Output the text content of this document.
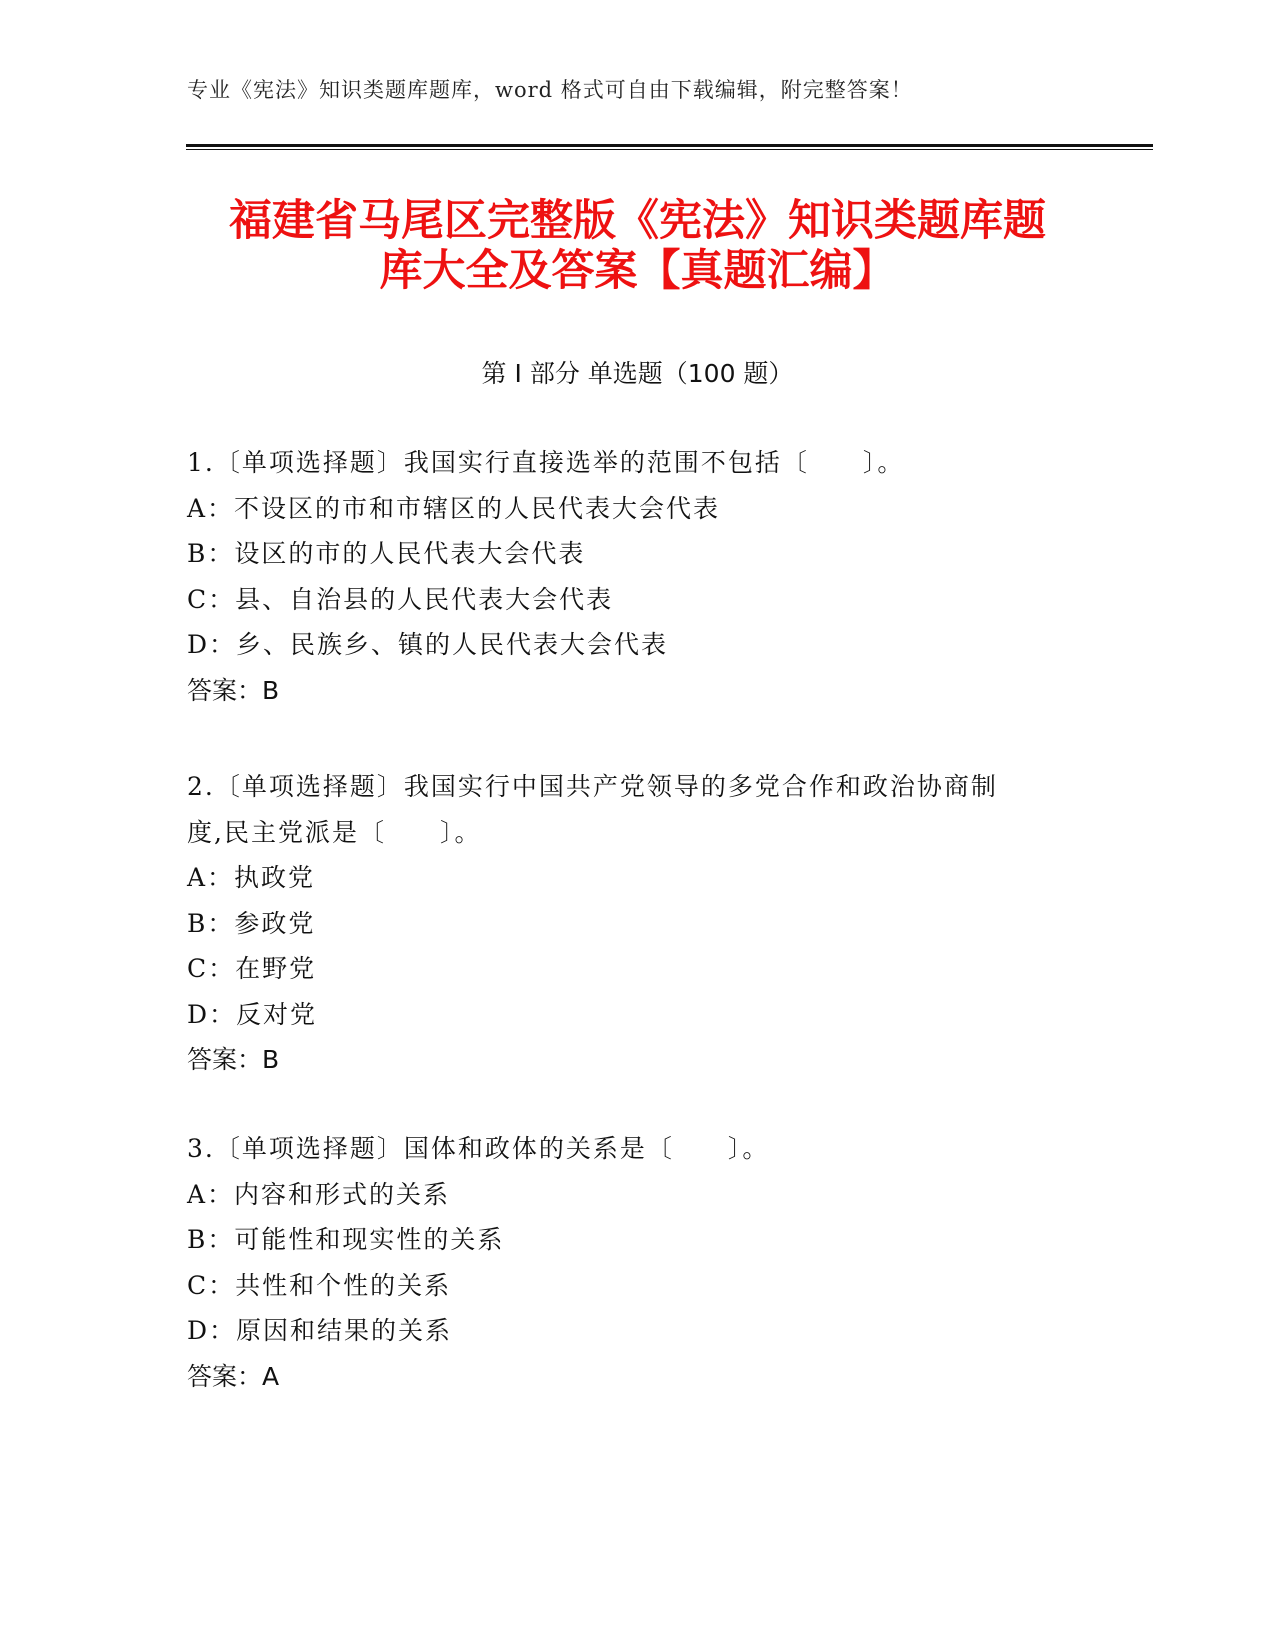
专业《宪法》知识类题库题库，word 格式可自由下载编辑，附完整答案！
福建省马尾区完整版《宪法》知识类题库题
库大全及答案【真题汇编】
第 I 部分 单选题（100 题）
1.〔单项选择题〕我国实行直接选举的范围不包括〔　　〕。
A：不设区的市和市辖区的人民代表大会代表
B：设区的市的人民代表大会代表
C：县、自治县的人民代表大会代表
D：乡、民族乡、镇的人民代表大会代表
答案：B
2.〔单项选择题〕我国实行中国共产党领导的多党合作和政治协商制
度,民主党派是〔　　〕。
A：执政党
B：参政党
C：在野党
D：反对党
答案：B
3.〔单项选择题〕国体和政体的关系是〔　　〕。
A：内容和形式的关系
B：可能性和现实性的关系
C：共性和个性的关系
D：原因和结果的关系
答案：A
